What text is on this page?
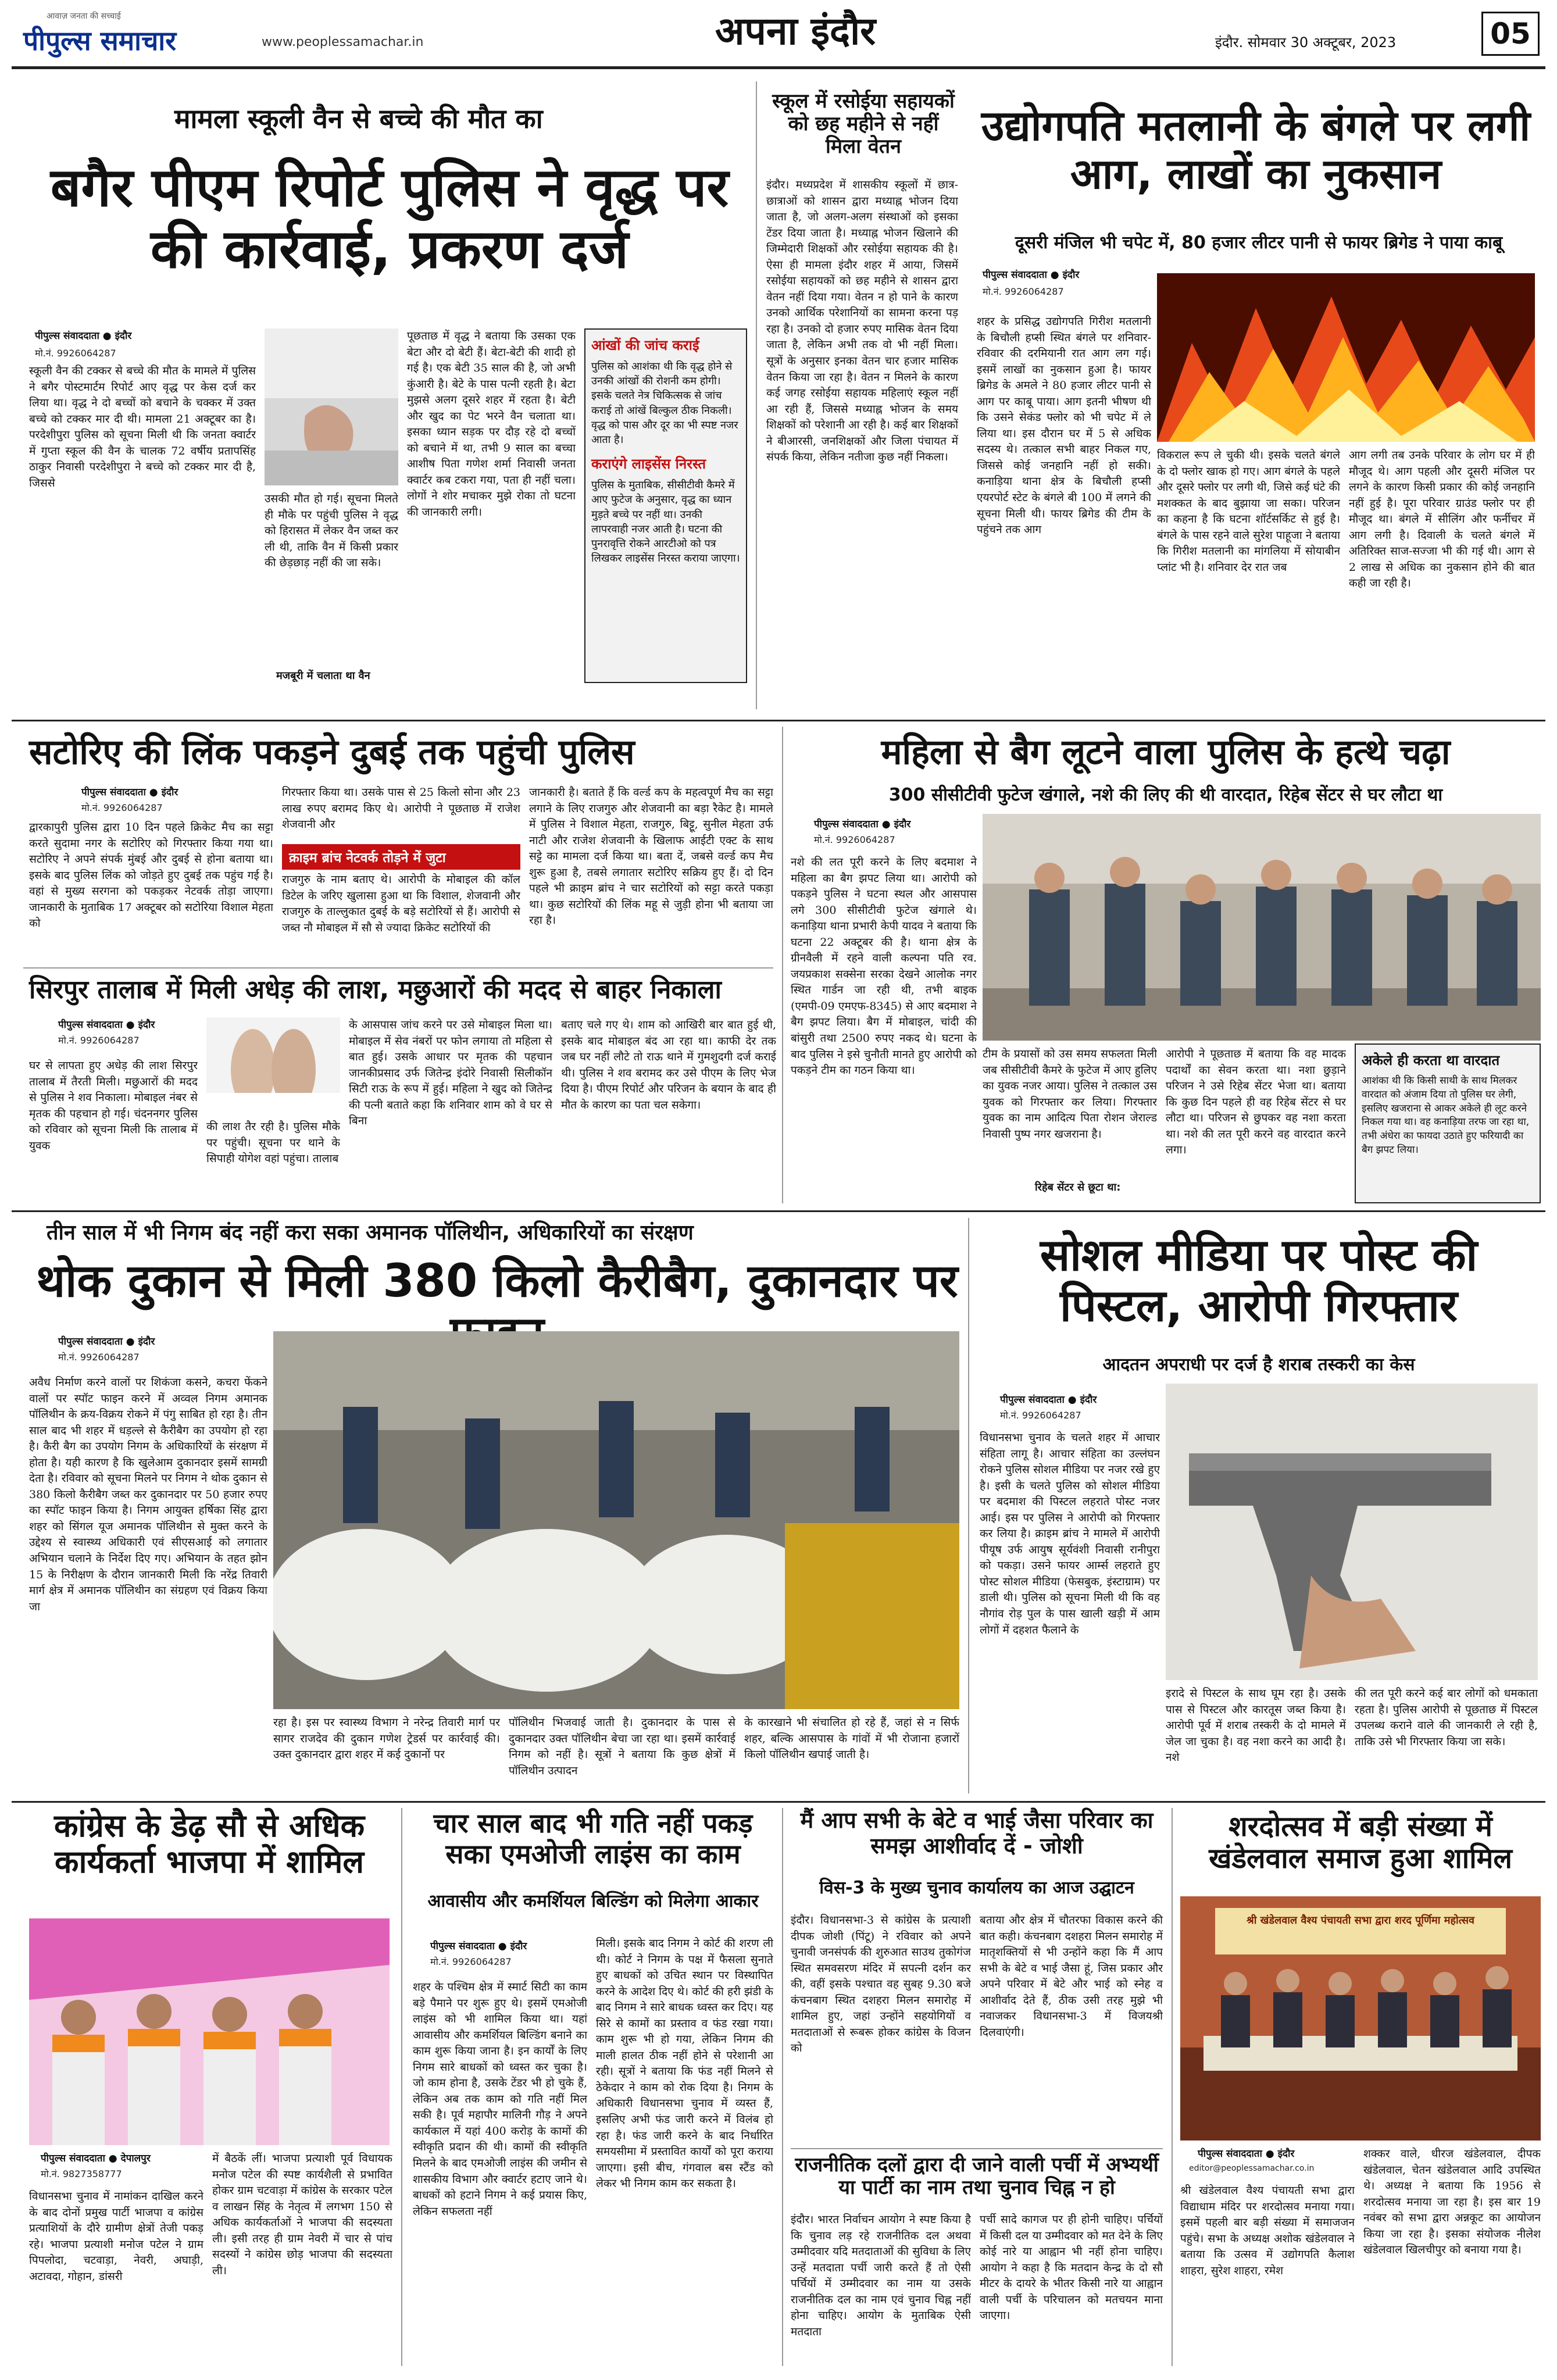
आवाज़ जनता की सच्चाई
पीपुल्स समाचार	www.peoplessamachar.in	अपना इंदौर	इंदौर. सोमवार 30 अक्टूबर, 2023	05
मामला स्कूली वैन से बच्चे की मौत का
बगैर पीएम रिपोर्ट पुलिस ने वृद्ध पर की कार्रवाई, प्रकरण दर्ज
पीपुल्स संवाददाता ● इंदौर
मो.नं. 9926064287
स्कूली वैन की टक्कर से बच्चे की मौत के मामले में पुलिस ने बगैर पोस्टमार्टम रिपोर्ट आए वृद्ध पर केस दर्ज कर लिया था। वृद्ध ने दो बच्चों को बचाने के चक्कर में उक्त बच्चे को टक्कर मार दी थी। मामला 21 अक्टूबर का है। परदेशीपुरा पुलिस को सूचना मिली थी कि जनता क्वार्टर में गुप्ता स्कूल की वैन के चालक 72 वर्षीय प्रतापसिंह ठाकुर निवासी परदेशीपुरा ने बच्चे को टक्कर मार दी है, जिससे
उसकी मौत हो गई। सूचना मिलते ही मौके पर पहुंची पुलिस ने वृद्ध को हिरासत में लेकर वैन जब्त कर ली थी, ताकि वैन में किसी प्रकार की छेड़छाड़ नहीं की जा सके।
मजबूरी में चलाता था वैन
पूछताछ में वृद्ध ने बताया कि उसका एक बेटा और दो बेटी हैं। बेटा-बेटी की शादी हो गई है। एक बेटी 35 साल की है, जो अभी कुंआरी है। बेटे के पास पत्नी रहती है। बेटा मुझसे अलग दूसरे शहर में रहता है। बेटी और खुद का पेट भरने वैन चलाता था। इसका ध्यान सड़क पर दौड़ रहे दो बच्चों को बचाने में था, तभी 9 साल का बच्चा आशीष पिता गणेश शर्मा निवासी जनता क्वार्टर कब टकरा गया, पता ही नहीं चला। लोगों ने शोर मचाकर मुझे रोका तो घटना की जानकारी लगी।
आंखों की जांच कराई
पुलिस को आशंका थी कि वृद्ध होने से उनकी आंखों की रोशनी कम होगी। इसके चलते नेत्र चिकित्सक से जांच कराई तो आंखें बिल्कुल ठीक निकली। वृद्ध को पास और दूर का भी स्पष्ट नजर आता है।
कराएंगे लाइसेंस निरस्त
पुलिस के मुताबिक, सीसीटीवी कैमरे में आए फुटेज के अनुसार, वृद्ध का ध्यान मुड़ते बच्चे पर नहीं था। उनकी लापरवाही नजर आती है। घटना की पुनरावृत्ति रोकने आरटीओ को पत्र लिखकर लाइसेंस निरस्त कराया जाएगा।
स्कूल में रसोईया सहायकों को छह महीने से नहीं मिला वेतन
इंदौर। मध्यप्रदेश में शासकीय स्कूलों में छात्र-छात्राओं को शासन द्वारा मध्याह्न भोजन दिया जाता है, जो अलग-अलग संस्थाओं को इसका टेंडर दिया जाता है। मध्याह्न भोजन खिलाने की जिम्मेदारी शिक्षकों और रसोईया सहायक की है। ऐसा ही मामला इंदौर शहर में आया, जिसमें रसोईया सहायकों को छह महीने से शासन द्वारा वेतन नहीं दिया गया। वेतन न हो पाने के कारण उनको आर्थिक परेशानियों का सामना करना पड़ रहा है। उनको दो हजार रुपए मासिक वेतन दिया जाता है, लेकिन अभी तक वो भी नहीं मिला। सूत्रों के अनुसार इनका वेतन चार हजार मासिक वेतन किया जा रहा है। वेतन न मिलने के कारण कई जगह रसोईया सहायक महिलाएं स्कूल नहीं आ रही हैं, जिससे मध्याह्न भोजन के समय शिक्षकों को परेशानी आ रही है। कई बार शिक्षकों ने बीआरसी, जनशिक्षकों और जिला पंचायत में संपर्क किया, लेकिन नतीजा कुछ नहीं निकला।
उद्योगपति मतलानी के बंगले पर लगी आग, लाखों का नुकसान
दूसरी मंजिल भी चपेट में, 80 हजार लीटर पानी से फायर ब्रिगेड ने पाया काबू
पीपुल्स संवाददाता ● इंदौर
मो.नं. 9926064287
शहर के प्रसिद्ध उद्योगपति गिरीश मतलानी के बिचौली हप्सी स्थित बंगले पर शनिवार-रविवार की दरमियानी रात आग लग गई। इसमें लाखों का नुकसान हुआ है। फायर ब्रिगेड के अमले ने 80 हजार लीटर पानी से आग पर काबू पाया। आग इतनी भीषण थी कि उसने सेकंड फ्लोर को भी चपेट में ले लिया था। इस दौरान घर में 5 से अधिक सदस्य थे। तत्काल सभी बाहर निकल गए, जिससे कोई जनहानि नहीं हो सकी। कनाड़िया थाना क्षेत्र के बिचौली हप्सी एयरपोर्ट स्टेट के बंगले बी 100 में लगने की सूचना मिली थी। फायर ब्रिगेड की टीम के पहुंचने तक आग
विकराल रूप ले चुकी थी। इसके चलते बंगले के दो फ्लोर खाक हो गए। आग बंगले के पहले और दूसरे फ्लोर पर लगी थी, जिसे कई घंटे की मशक्कत के बाद बुझाया जा सका। परिजन का कहना है कि घटना शॉर्टसर्किट से हुई है। बंगले के पास रहने वाले सुरेश पाहूजा ने बताया कि गिरीश मतलानी का मांगलिया में सोयाबीन प्लांट भी है। शनिवार देर रात जब
आग लगी तब उनके परिवार के लोग घर में ही मौजूद थे। आग पहली और दूसरी मंजिल पर लगने के कारण किसी प्रकार की कोई जनहानि नहीं हुई है। पूरा परिवार ग्राउंड फ्लोर पर ही मौजूद था। बंगले में सीलिंग और फर्नीचर में आग लगी है। दिवाली के चलते बंगले में अतिरिक्त साज-सज्जा भी की गई थी। आग से 2 लाख से अधिक का नुकसान होने की बात कही जा रही है।
सटोरिए की लिंक पकड़ने दुबई तक पहुंची पुलिस
पीपुल्स संवाददाता ● इंदौर
मो.नं. 9926064287
द्वारकापुरी पुलिस द्वारा 10 दिन पहले क्रिकेट मैच का सट्टा करते सुदामा नगर के सटोरिए को गिरफ्तार किया गया था। सटोरिए ने अपने संपर्क मुंबई और दुबई से होना बताया था। इसके बाद पुलिस लिंक को जोड़ते हुए दुबई तक पहुंच गई है। वहां से मुख्य सरगना को पकड़कर नेटवर्क तोड़ा जाएगा। जानकारी के मुताबिक 17 अक्टूबर को सटोरिया विशाल मेहता को
गिरफ्तार किया था। उसके पास से 25 किलो सोना और 23 लाख रुपए बरामद किए थे। आरोपी ने पूछताछ में राजेश शेजवानी और
क्राइम ब्रांच नेटवर्क तोड़ने में जुटा
राजगुरु के नाम बताए थे। आरोपी के मोबाइल की कॉल डिटेल के जरिए खुलासा हुआ था कि विशाल, शेजवानी और राजगुरु के ताल्लुकात दुबई के बड़े सटोरियों से हैं। आरोपी से जब्त नौ मोबाइल में सौ से ज्यादा क्रिकेट सटोरियों की
जानकारी है। बताते हैं कि वर्ल्ड कप के महत्वपूर्ण मैच का सट्टा लगाने के लिए राजगुरु और शेजवानी का बड़ा रैकेट है। मामले में पुलिस ने विशाल मेहता, राजगुरु, बिट्टू, सुनील मेहता उर्फ नाटी और राजेश शेजवानी के खिलाफ आईटी एक्ट के साथ सट्टे का मामला दर्ज किया था। बता दें, जबसे वर्ल्ड कप मैच शुरू हुआ है, तबसे लगातार सटोरिए सक्रिय हुए हैं। दो दिन पहले भी क्राइम ब्रांच ने चार सटोरियों को सट्टा करते पकड़ा था। कुछ सटोरियों की लिंक महू से जुड़ी होना भी बताया जा रहा है।
सिरपुर तालाब में मिली अधेड़ की लाश, मछुआरों की मदद से बाहर निकाला
पीपुल्स संवाददाता ● इंदौर
मो.नं. 9926064287
घर से लापता हुए अधेड़ की लाश सिरपुर तालाब में तैरती मिली। मछुआरों की मदद से पुलिस ने शव निकाला। मोबाइल नंबर से मृतक की पहचान हो गई। चंदननगर पुलिस को रविवार को सूचना मिली कि तालाब में युवक
की लाश तैर रही है। पुलिस मौके पर पहुंची। सूचना पर थाने के सिपाही योगेश वहां पहुंचा। तालाब
के आसपास जांच करने पर उसे मोबाइल मिला था। मोबाइल में सेव नंबरों पर फोन लगाया तो महिला से बात हुई। उसके आधार पर मृतक की पहचान जानकीप्रसाद उर्फ जितेन्द्र इंदोरे निवासी सिलीकॉन सिटी राऊ के रूप में हुई। महिला ने खुद को जितेन्द्र की पत्नी बताते कहा कि शनिवार शाम को वे घर से बिना
बताए चले गए थे। शाम को आखिरी बार बात हुई थी, इसके बाद मोबाइल बंद आ रहा था। काफी देर तक जब घर नहीं लौटे तो राऊ थाने में गुमशुदगी दर्ज कराई थी। पुलिस ने शव बरामद कर उसे पीएम के लिए भेज दिया है। पीएम रिपोर्ट और परिजन के बयान के बाद ही मौत के कारण का पता चल सकेगा।
महिला से बैग लूटने वाला पुलिस के हत्थे चढ़ा
300 सीसीटीवी फुटेज खंगाले, नशे की लिए की थी वारदात, रिहेब सेंटर से घर लौटा था
पीपुल्स संवाददाता ● इंदौर
मो.नं. 9926064287
नशे की लत पूरी करने के लिए बदमाश ने महिला का बैग झपट लिया था। आरोपी को पकड़ने पुलिस ने घटना स्थल और आसपास लगे 300 सीसीटीवी फुटेज खंगाले थे। कनाड़िया थाना प्रभारी केपी यादव ने बताया कि घटना 22 अक्टूबर की है। थाना क्षेत्र के ग्रीनवैली में रहने वाली कल्पना पति रव. जयप्रकाश सक्सेना सरका देखने आलोक नगर स्थित गार्डन जा रही थी, तभी बाइक (एमपी-09 एमएफ-8345) से आए बदमाश ने बैग झपट लिया। बैग में मोबाइल, चांदी की बांसुरी तथा 2500 रुपए नकद थे। घटना के बाद पुलिस ने इसे चुनौती मानते हुए आरोपी को पकड़ने टीम का गठन किया था।
टीम के प्रयासों को उस समय सफलता मिली जब सीसीटीवी कैमरे के फुटेज में आए हुलिए का युवक नजर आया। पुलिस ने तत्काल उस युवक को गिरफ्तार कर लिया। गिरफ्तार युवक का नाम आदित्य पिता रोशन जेराल्ड निवासी पुष्प नगर खजराना है।
रिहेब सेंटर से छूटा था:
आरोपी ने पूछताछ में बताया कि वह मादक पदार्थों का सेवन करता था। नशा छुड़ाने परिजन ने उसे रिहेब सेंटर भेजा था। बताया कि कुछ दिन पहले ही वह रिहेब सेंटर से घर लौटा था। परिजन से छुपकर वह नशा करता था। नशे की लत पूरी करने वह वारदात करने लगा।
अकेले ही करता था वारदात
आशंका थी कि किसी साथी के साथ मिलकर वारदात को अंजाम दिया तो पुलिस घर लेगी, इसलिए खजराना से आकर अकेले ही लूट करने निकल गया था। वह कनाड़िया तरफ जा रहा था, तभी अंधेरा का फायदा उठाते हुए फरियादी का बैग झपट लिया।
तीन साल में भी निगम बंद नहीं करा सका अमानक पॉलिथीन, अधिकारियों का संरक्षण
थोक दुकान से मिली 380 किलो कैरीबैग, दुकानदार पर
पीपुल्स संवाददाता ● इंदौर
मो.नं. 9926064287
अवैध निर्माण करने वालों पर शिकंजा कसने, कचरा फेंकने वालों पर स्पॉट फाइन करने में अव्वल निगम अमानक पॉलिथीन के क्रय-विक्रय रोकने में पंगु साबित हो रहा है। तीन साल बाद भी शहर में धड़ल्ले से कैरीबैग का उपयोग हो रहा है। कैरी बैग का उपयोग निगम के अधिकारियों के संरक्षण में होता है। यही कारण है कि खुलेआम दुकानदार इसमें सामग्री देता है। रविवार को सूचना मिलने पर निगम ने थोक दुकान से 380 किलो कैरीबैग जब्त कर दुकानदार पर 50 हजार रुपए का स्पॉट फाइन किया है। निगम आयुक्त हर्षिका सिंह द्वारा शहर को सिंगल यूज अमानक पॉलिथीन से मुक्त करने के उद्देश्य से स्वास्थ्य अधिकारी एवं सीएसआई को लगातार अभियान चलाने के निर्देश दिए गए। अभियान के तहत झोन 15 के निरीक्षण के दौरान जानकारी मिली कि नरेंद्र तिवारी मार्ग क्षेत्र में अमानक पॉलिथीन का संग्रहण एवं विक्रय किया जा
रहा है। इस पर स्वास्थ्य विभाग ने नरेन्द्र तिवारी मार्ग पर सागर राजदेव की दुकान गणेश ट्रेडर्स पर कार्रवाई की। उक्त दुकानदार द्वारा शहर में कई दुकानों पर
पॉलिथीन भिजवाई जाती है। दुकानदार के पास से दुकानदार उक्त पॉलिथीन बेचा जा रहा था। इसमें कार्रवाई निगम को नहीं है। सूत्रों ने बताया कि कुछ क्षेत्रों में पॉलिथीन उत्पादन
के कारखाने भी संचालित हो रहे हैं, जहां से न सिर्फ शहर, बल्कि आसपास के गांवों में भी रोजाना हजारों किलो पॉलिथीन खपाई जाती है।
सोशल मीडिया पर पोस्ट की पिस्टल, आरोपी गिरफ्तार
आदतन अपराधी पर दर्ज है शराब तस्करी का केस
पीपुल्स संवाददाता ● इंदौर
मो.नं. 9926064287
विधानसभा चुनाव के चलते शहर में आचार संहिता लागू है। आचार संहिता का उल्लंघन रोकने पुलिस सोशल मीडिया पर नजर रखे हुए है। इसी के चलते पुलिस को सोशल मीडिया पर बदमाश की पिस्टल लहराते पोस्ट नजर आई। इस पर पुलिस ने आरोपी को गिरफ्तार कर लिया है। क्राइम ब्रांच ने मामले में आरोपी पीयूष उर्फ आयुष सूर्यवंशी निवासी रानीपुरा को पकड़ा। उसने फायर आर्म्स लहराते हुए पोस्ट सोशल मीडिया (फेसबुक, इंस्टाग्राम) पर डाली थी। पुलिस को सूचना मिली थी कि वह नौगांव रोड़ पुल के पास खाली खड़ी में आम लोगों में दहशत फैलाने के
इरादे से पिस्टल के साथ घूम रहा है। उसके पास से पिस्टल और कारतूस जब्त किया है। आरोपी पूर्व में शराब तस्करी के दो मामले में जेल जा चुका है। वह नशा करने का आदी है। नशे
की लत पूरी करने कई बार लोगों को धमकाता रहता है। पुलिस आरोपी से पूछताछ में पिस्टल उपलब्ध कराने वाले की जानकारी ले रही है, ताकि उसे भी गिरफ्तार किया जा सके।
कांग्रेस के डेढ़ सौ से अधिक कार्यकर्ता भाजपा में शामिल
पीपुल्स संवाददाता ● देपालपुर
मो.नं. 9827358777
विधानसभा चुनाव में नामांकन दाखिल करने के बाद दोनों प्रमुख पार्टी भाजपा व कांग्रेस प्रत्याशियों के दौरे ग्रामीण क्षेत्रों तेजी पकड़ रहे। भाजपा प्रत्याशी मनोज पटेल ने ग्राम पिपलोदा, चटवाड़ा, नेवरी, अघाड़ी, अटावदा, गोहान, डांसरी
में बैठकें लीं। भाजपा प्रत्याशी पूर्व विधायक मनोज पटेल की स्पष्ट कार्यशैली से प्रभावित होकर ग्राम चटवाड़ा में कांग्रेस के सरकार पटेल व लाखन सिंह के नेतृत्व में लगभग 150 से अधिक कार्यकर्ताओं ने भाजपा की सदस्यता ली। इसी तरह ही ग्राम नेवरी में चार से पांच सदस्यों ने कांग्रेस छोड़ भाजपा की सदस्यता ली।
चार साल बाद भी गति नहीं पकड़ सका एमओजी लाइंस का काम
आवासीय और कमर्शियल बिल्डिंग को मिलेगा आकार
पीपुल्स संवाददाता ● इंदौर
मो.नं. 9926064287
शहर के पश्चिम क्षेत्र में स्मार्ट सिटी का काम बड़े पैमाने पर शुरू हुए थे। इसमें एमओजी लाइंस को भी शामिल किया था। यहां आवासीय और कमर्शियल बिल्डिंग बनाने का काम शुरू किया जाना है। इन कार्यों के लिए निगम सारे बाधकों को ध्वस्त कर चुका है। जो काम होना है, उसके टेंडर भी हो चुके हैं, लेकिन अब तक काम को गति नहीं मिल सकी है। पूर्व महापौर मालिनी गौड़ ने अपने कार्यकाल में यहां 400 करोड़ के कामों की स्वीकृति प्रदान की थी। कामों की स्वीकृति मिलने के बाद एमओजी लाइंस की जमीन से शासकीय विभाग और क्वार्टर हटाए जाने थे। बाधकों को हटाने निगम ने कई प्रयास किए, लेकिन सफलता नहीं
मिली। इसके बाद निगम ने कोर्ट की शरण ली थी। कोर्ट ने निगम के पक्ष में फैसला सुनाते हुए बाधकों को उचित स्थान पर विस्थापित करने के आदेश दिए थे। कोर्ट की हरी झंडी के बाद निगम ने सारे बाधक ध्वस्त कर दिए। यह सिरे से कामों का प्रस्ताव व फंड रखा गया। काम शुरू भी हो गया, लेकिन निगम की माली हालत ठीक नहीं होने से परेशानी आ रही। सूत्रों ने बताया कि फंड नहीं मिलने से ठेकेदार ने काम को रोक दिया है। निगम के अधिकारी विधानसभा चुनाव में व्यस्त हैं, इसलिए अभी फंड जारी करने में विलंब हो रहा है। फंड जारी करने के बाद निर्धारित समयसीमा में प्रस्तावित कार्यों को पूरा कराया जाएगा। इसी बीच, गंगवाल बस स्टैंड को लेकर भी निगम काम कर सकता है।
मैं आप सभी के बेटे व भाई जैसा परिवार का समझ आशीर्वाद दें - जोशी
विस-3 के मुख्य चुनाव कार्यालय का आज उद्घाटन
इंदौर। विधानसभा-3 से कांग्रेस के प्रत्याशी दीपक जोशी (पिंटू) ने रविवार को अपने चुनावी जनसंपर्क की शुरुआत साउथ तुकोगंज स्थित समवसरण मंदिर में सपत्नी दर्शन कर की, वहीं इसके पश्चात वह सुबह 9.30 बजे कंचनबाग स्थित दशहरा मिलन समारोह में शामिल हुए, जहां उन्होंने सहयोगियों व मतदाताओं से रूबरू होकर कांग्रेस के विजन को
बताया और क्षेत्र में चौतरफा विकास करने की बात कही। कंचनबाग दशहरा मिलन समारोह में मातृशक्तियों से भी उन्होंने कहा कि मैं आप सभी के बेटे व भाई जैसा हूं, जिस प्रकार और अपने परिवार में बेटे और भाई को स्नेह व आशीर्वाद देते हैं, ठीक उसी तरह मुझे भी नवाजकर विधानसभा-3 में विजयश्री दिलवाएंगी।
राजनीतिक दलों द्वारा दी जाने वाली पर्ची में अभ्यर्थी या पार्टी का नाम तथा चुनाव चिह्न न हो
इंदौर। भारत निर्वाचन आयोग ने स्पष्ट किया है कि चुनाव लड़ रहे राजनीतिक दल अथवा उम्मीदवार यदि मतदाताओं की सुविधा के लिए उन्हें मतदाता पर्ची जारी करते हैं तो ऐसी पर्चियों में उम्मीदवार का नाम या उसके राजनीतिक दल का नाम एवं चुनाव चिह्न नहीं होना चाहिए। आयोग के मुताबिक ऐसी मतदाता
पर्ची सादे कागज पर ही होनी चाहिए। पर्चियों में किसी दल या उम्मीदवार को मत देने के लिए कोई नारे या आह्वान भी नहीं होना चाहिए। आयोग ने कहा है कि मतदान केन्द्र के दो सौ मीटर के दायरे के भीतर किसी नारे या आह्वान वाली पर्ची के परिचालन को मतचयन माना जाएगा।
शरदोत्सव में बड़ी संख्या में खंडेलवाल समाज हुआ शामिल
श्री खंडेलवाल वैश्य पंचायती सभा द्वारा शरद पूर्णिमा महोत्सव
पीपुल्स संवाददाता ● इंदौर
editor@peoplessamachar.co.in
श्री खंडेलवाल वैश्य पंचायती सभा द्वारा विद्याधाम मंदिर पर शरदोत्सव मनाया गया। इसमें पहली बार बड़ी संख्या में समाजजन पहुंचे। सभा के अध्यक्ष अशोक खंडेलवाल ने बताया कि उत्सव में उद्योगपति कैलाश शाहरा, सुरेश शाहरा, रमेश
शक्कर वाले, धीरज खंडेलवाल, दीपक खंडेलवाल, चेतन खंडेलवाल आदि उपस्थित थे। अध्यक्ष ने बताया कि 1956 से शरदोत्सव मनाया जा रहा है। इस बार 19 नवंबर को सभा द्वारा अन्नकूट का आयोजन किया जा रहा है। इसका संयोजक नीलेश खंडेलवाल खिलचीपुर को बनाया गया है।
